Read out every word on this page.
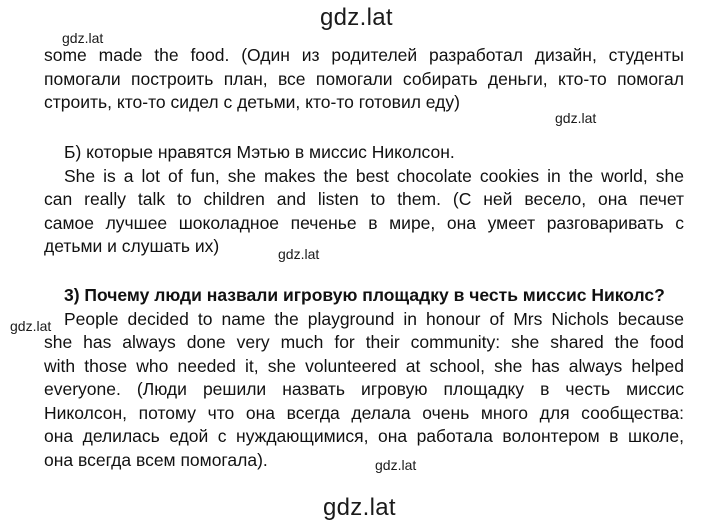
gdz.lat
gdz.lat
gdz.lat
gdz.lat
gdz.lat
gdz.lat
gdz.lat
some made the food. (Один из родителей разработал дизайн, студенты
помогали построить план, все помогали собирать деньги, кто-то помогал
строить, кто-то сидел с детьми, кто-то готовил еду)
Б) которые нравятся Мэтью в миссис Николсон.
She is a lot of fun, she makes the best chocolate cookies in the world, she
can really talk to children and listen to them. (С ней весело, она печет
самое лучшее шоколадное печенье в мире, она умеет разговаривать с
детьми и слушать их)
3) Почему люди назвали игровую площадку в честь миссис Николс?
People decided to name the playground in honour of Mrs Nichols because
she has always done very much for their community: she shared the food
with those who needed it, she volunteered at school, she has always helped
everyone. (Люди решили назвать игровую площадку в честь миссис
Николсон, потому что она всегда делала очень много для сообщества:
она делилась едой с нуждающимися, она работала волонтером в школе,
она всегда всем помогала).
